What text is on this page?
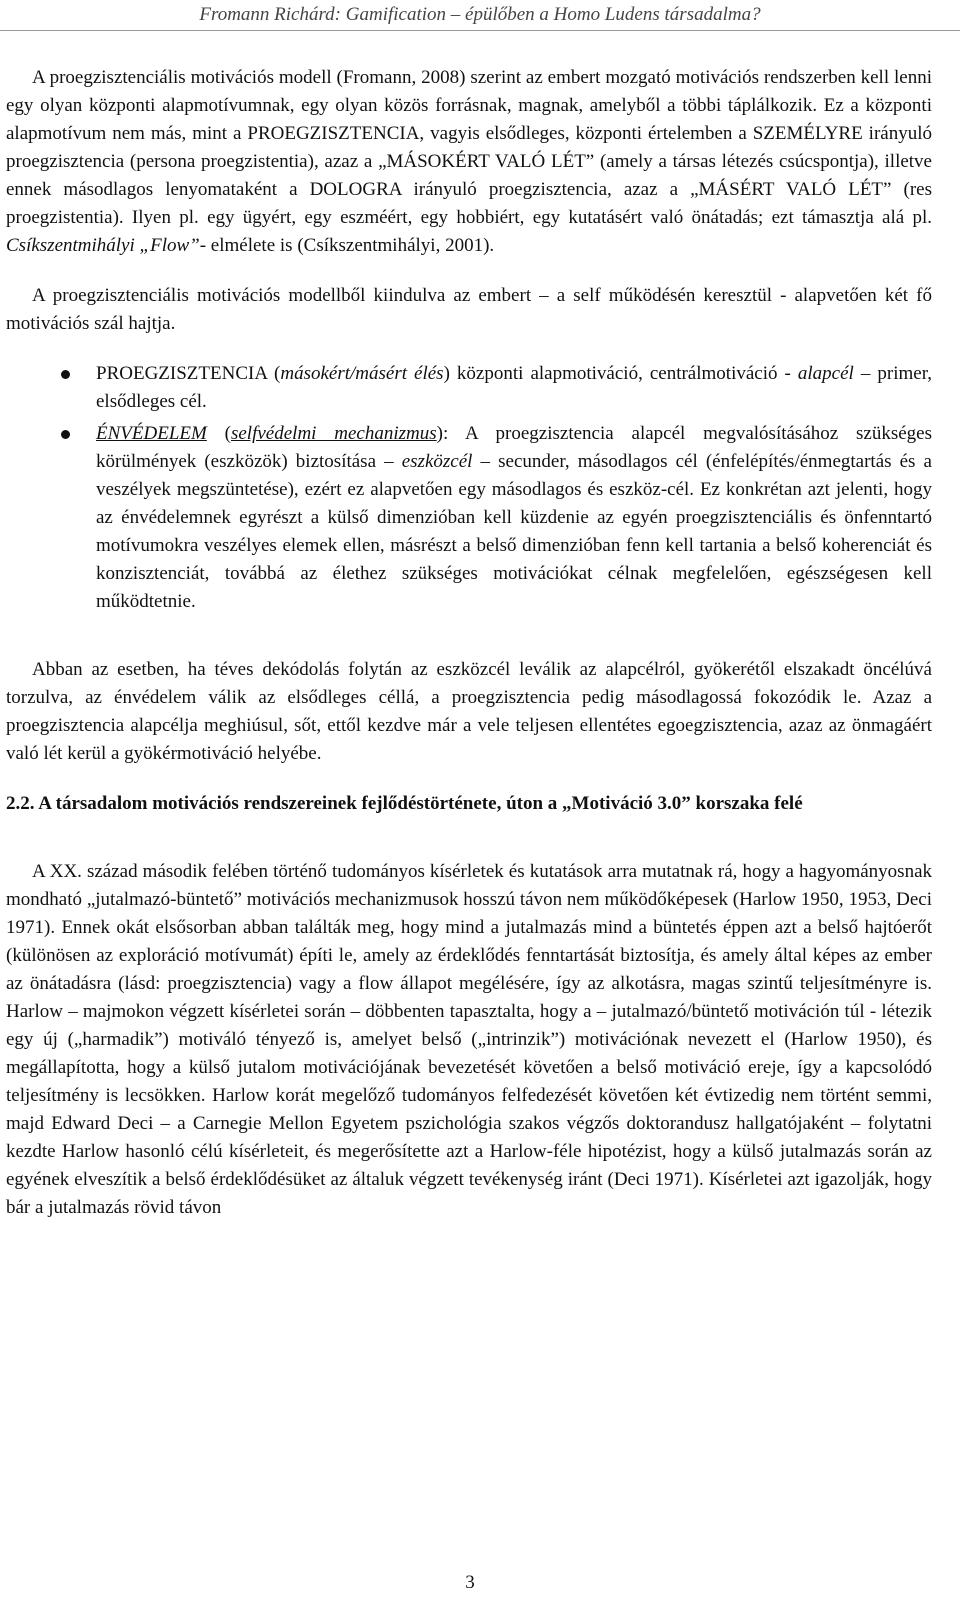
Fromann Richárd: Gamification – épülőben a Homo Ludens társadalma?

A proegzisztenciális motivációs modell (Fromann, 2008) szerint az embert mozgató motivációs rendszerben kell lenni egy olyan központi alapmotívumnak, egy olyan közös forrásnak, magnak, amelyből a többi táplálkozik. Ez a központi alapmotívum nem más, mint a PROEGZISZTENCIA, vagyis elsődleges, központi értelemben a SZEMÉLYRE irányuló proegzisztencia (persona proegzistentia), azaz a „MÁSOKÉRT VALÓ LÉT” (amely a társas létezés csúcspontja), illetve ennek másodlagos lenyomataként a DOLOGRA irányuló proegzisztencia, azaz a „MÁSÉRT VALÓ LÉT” (res proegzistentia). Ilyen pl. egy ügyért, egy eszméért, egy hobbiért, egy kutatásért való önátadás; ezt támasztja alá pl. Csíkszentmihályi „Flow”- elmélete is (Csíkszentmihályi, 2001).

A proegzisztenciális motivációs modellből kiindulva az embert – a self működésén keresztül - alapvetően két fő motivációs szál hajtja.

PROEGZISZTENCIA (másokért/másért élés) központi alapmotiváció, centrálmotiváció - alapcél – primer, elsődleges cél.
ÉNVÉDELEM (selfvédelmi mechanizmus): A proegzisztencia alapcél megvalósításához szükséges körülmények (eszközök) biztosítása – eszközcél – secunder, másodlagos cél (énfelépítés/énmegtartás és a veszélyek megszüntetése), ezért ez alapvetően egy másodlagos és eszköz-cél. Ez konkrétan azt jelenti, hogy az énvédelemnek egyrészt a külső dimenzióban kell küzdenie az egyén proegzisztenciális és önfenntartó motívumokra veszélyes elemek ellen, másrészt a belső dimenzióban fenn kell tartania a belső koherenciát és konzisztenciát, továbbá az élethez szükséges motivációkat célnak megfelelően, egészségesen kell működtetnie.

Abban az esetben, ha téves dekódolás folytán az eszközcél leválik az alapcélról, gyökerétől elszakadt öncélúvá torzulva, az énvédelem válik az elsődleges céllá, a proegzisztencia pedig másodlagossá fokozódik le. Azaz a proegzisztencia alapcélja meghiúsul, sőt, ettől kezdve már a vele teljesen ellentétes egoegzisztencia, azaz az önmagáért való lét kerül a gyökérmotiváció helyébe.

2.2. A társadalom motivációs rendszereinek fejlődéstörténete, úton a „Motiváció 3.0” korszaka felé

A XX. század második felében történő tudományos kísérletek és kutatások arra mutatnak rá, hogy a hagyományosnak mondható „jutalmazó-büntető” motivációs mechanizmusok hosszú távon nem működőképesek (Harlow 1950, 1953, Deci 1971). Ennek okát elsősorban abban találták meg, hogy mind a jutalmazás mind a büntetés éppen azt a belső hajtóerőt (különösen az exploráció motívumát) építi le, amely az érdeklődés fenntartását biztosítja, és amely által képes az ember az önátadásra (lásd: proegzisztencia) vagy a flow állapot megélésére, így az alkotásra, magas szintű teljesítményre is. Harlow – majmokon végzett kísérletei során – döbbenten tapasztalta, hogy a – jutalmazó/büntető motiváción túl - létezik egy új („harmadik”) motiváló tényező is, amelyet belső („intrinzik”) motivációnak nevezett el (Harlow 1950), és megállapította, hogy a külső jutalom motivációjának bevezetését követően a belső motiváció ereje, így a kapcsolódó teljesítmény is lecsökken. Harlow korát megelőző tudományos felfedezését követően két évtizedig nem történt semmi, majd Edward Deci – a Carnegie Mellon Egyetem pszichológia szakos végzős doktorandusz hallgatójaként – folytatni kezdte Harlow hasonló célú kísérleteit, és megerősítette azt a Harlow-féle hipotézist, hogy a külső jutalmazás során az egyének elveszítik a belső érdeklődésüket az általuk végzett tevékenység iránt (Deci 1971). Kísérletei azt igazolják, hogy bár a jutalmazás rövid távon

3
